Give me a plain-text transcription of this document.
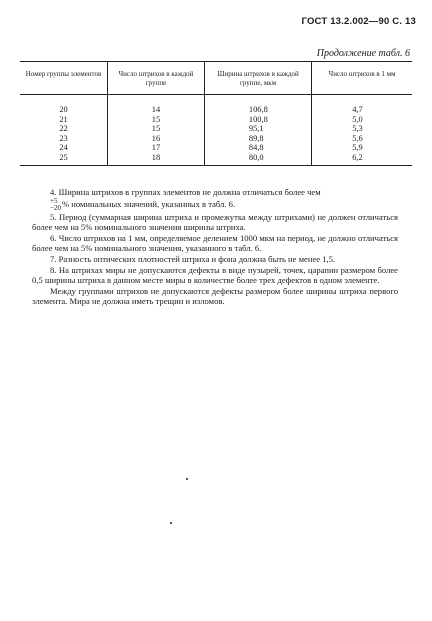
ГОСТ 13.2.002—90 С. 13
Продолжение табл. 6
Номер группы элементов	Число штрихов в каждой группе	Ширина штрихов в каждой группе, мкм	Число штрихов в 1 мм
20	14	106,8	4,7
21	15	100,8	5,0
22	15	95,1	5,3
23	16	89,8	5,6
24	17	84,8	5,9
25	18	80,0	6,2

4. Ширина штрихов в группах элементов не должна отличаться более чем

+5
−20 % номинальных значений, указанных в табл. 6.

5. Период (суммарная ширина штриха и промежутка между штрихами) не должен отличаться более чем на 5% номинального значения ширины штриха.

6. Число штрихов на 1 мм, определяемое делением 1000 мкм на период, не должно отличаться более чем на 5% номинального значения, указанного в табл. 6.

7. Разность оптических плотностей штриха и фона должна быть не менее 1,5.

8. На штрихах миры не допускаются дефекты в виде пузырей, точек, царапин размером более 0,5 ширины штриха в данном месте миры в количестве более трех дефектов в одном элементе.

Между группами штрихов не допускаются дефекты размером более ширины штриха первого элемента. Мира не должна иметь трещин и изломов.
